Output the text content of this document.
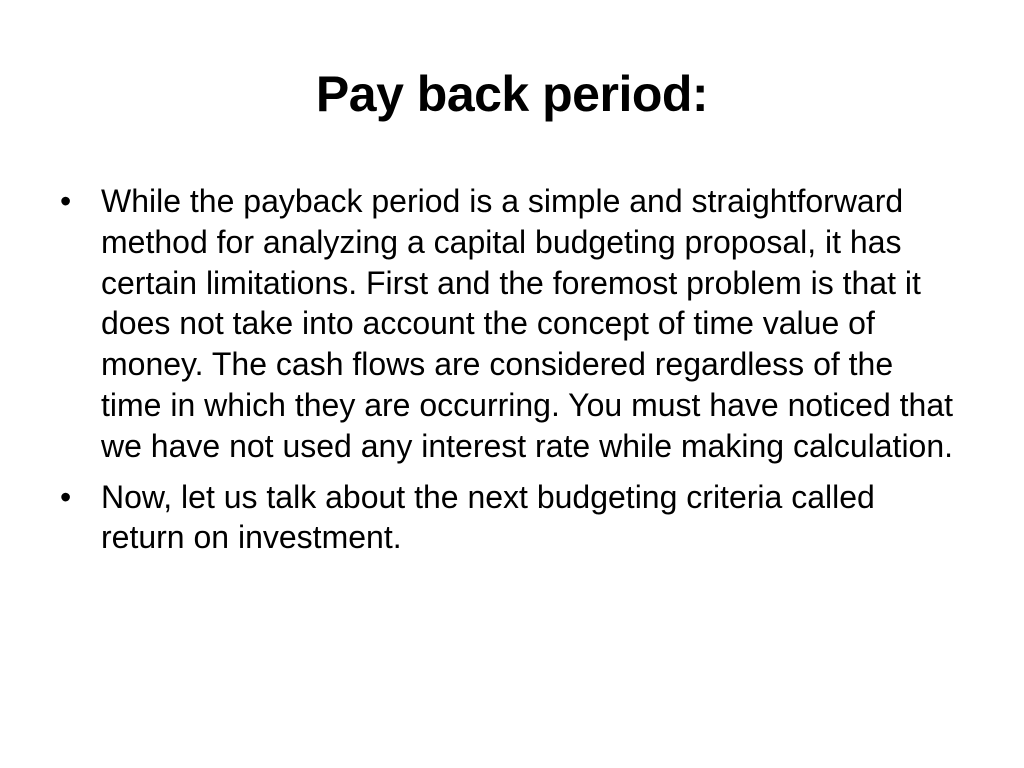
Pay back period:
• While the payback period is a simple and straightforward method for analyzing a capital budgeting proposal, it has certain limitations. First and the foremost problem is that it does not take into account the concept of time value of money. The cash flows are considered regardless of the time in which they are occurring. You must have noticed that we have not used any interest rate while making calculation.
• Now, let us talk about the next budgeting criteria called return on investment.
